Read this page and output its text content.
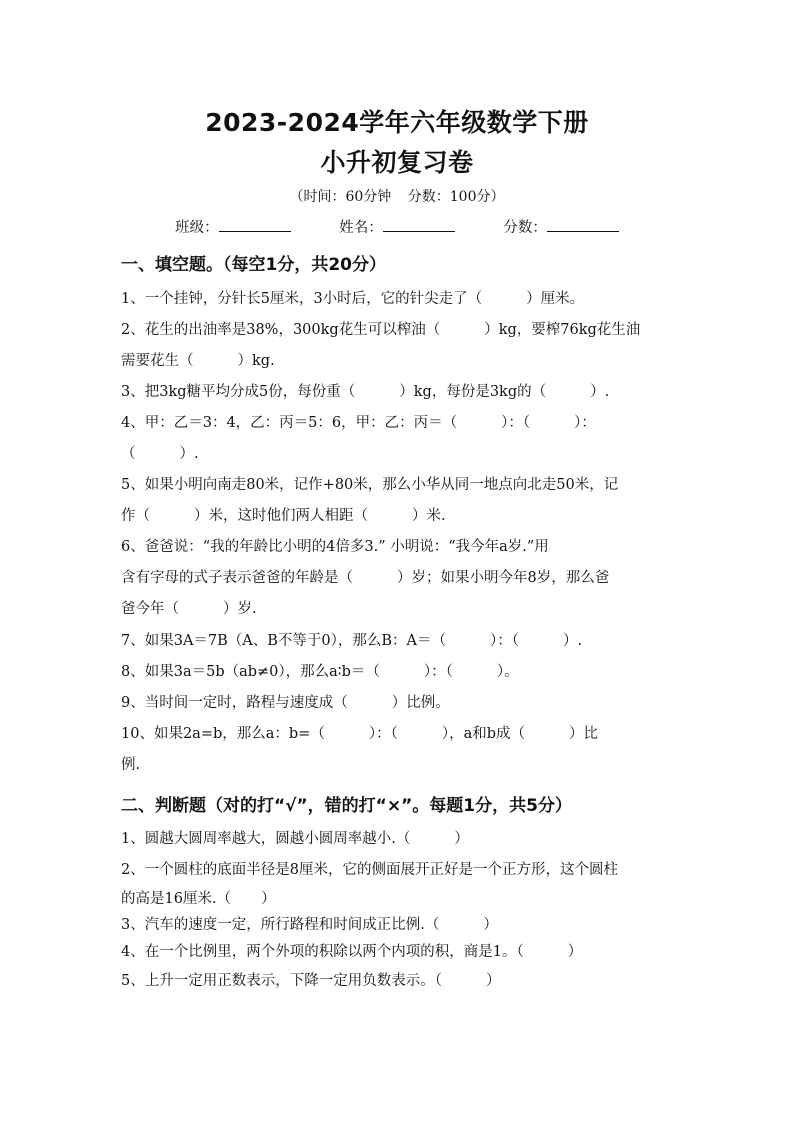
2023-2024学年六年级数学下册
小升初复习卷
（时间：60分钟 分数：100分）
班级：	姓名：	分数：
一、填空题。（每空1分，共20分）
1、一个挂钟，分针长5厘米，3小时后，它的针尖走了（	）厘米。
2、花生的出油率是38%，300kg花生可以榨油（	）kg，要榨76kg花生油
需要花生（	）kg.
3、把3kg糖平均分成5份，每份重（	）kg，每份是3kg的（	）.
4、甲：乙＝3：4，乙：丙＝5：6，甲：乙：丙＝（	）：（	）：
（	）.
5、如果小明向南走80米，记作+80米，那么小华从同一地点向北走50米，记
作（	）米，这时他们两人相距（	）米.
6、爸爸说：“我的年龄比小明的4倍多3.” 小明说：“我今年a岁.”用
含有字母的式子表示爸爸的年龄是（	）岁；如果小明今年8岁，那么爸
爸今年（	）岁.
7、如果3A＝7B（A、B不等于0），那么B：A＝（	）：（	）.
8、如果3a＝5b（ab≠0），那么a∶b＝（	）：（	）。
9、当时间一定时，路程与速度成（	）比例。
10、如果2a=b，那么a：b=（	）：（	），a和b成（	）比
例.
二、判断题（对的打“√”，错的打“×”。每题1分，共5分）
1、圆越大圆周率越大，圆越小圆周率越小.（	）
2、一个圆柱的底面半径是8厘米，它的侧面展开正好是一个正方形，这个圆柱
的高是16厘米.（ ）
3、汽车的速度一定，所行路程和时间成正比例.（	）
4、在一个比例里，两个外项的积除以两个内项的积，商是1。（	）
5、上升一定用正数表示，下降一定用负数表示。（	）
